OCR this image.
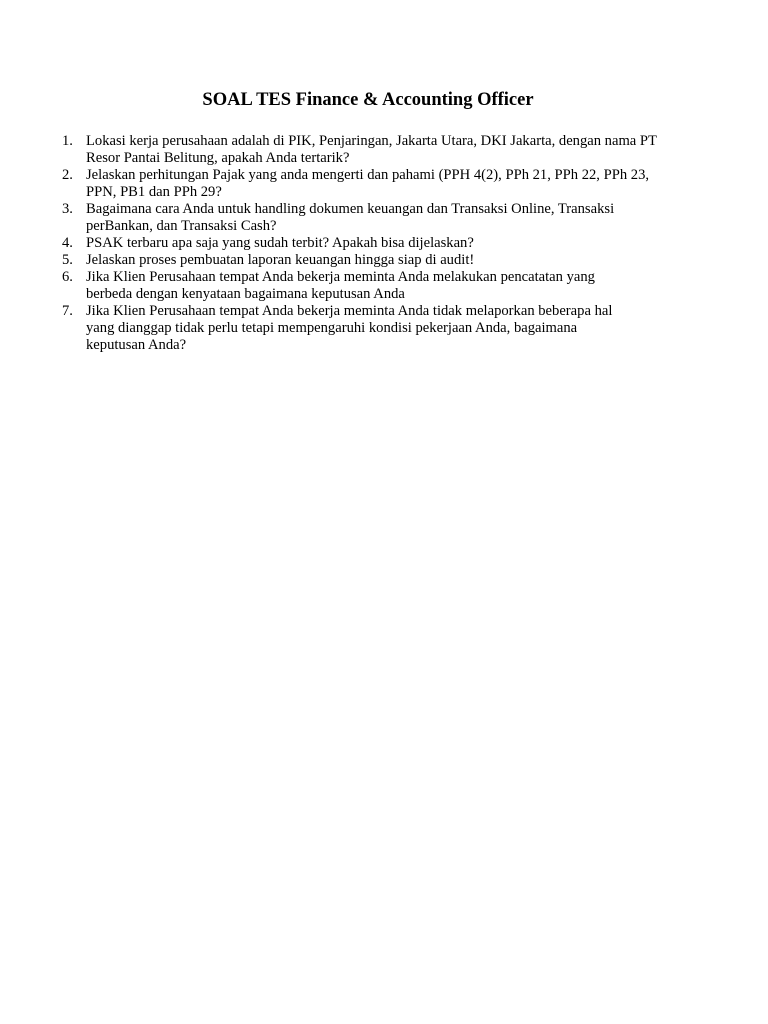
SOAL TES Finance & Accounting Officer
1. Lokasi kerja perusahaan adalah di PIK, Penjaringan, Jakarta Utara, DKI Jakarta, dengan nama PT
Resor Pantai Belitung, apakah Anda tertarik?
2. Jelaskan perhitungan Pajak yang anda mengerti dan pahami (PPH 4(2), PPh 21, PPh 22, PPh 23,
PPN, PB1 dan PPh 29?
3. Bagaimana cara Anda untuk handling dokumen keuangan dan Transaksi Online, Transaksi
perBankan, dan Transaksi Cash?
4. PSAK terbaru apa saja yang sudah terbit? Apakah bisa dijelaskan?
5. Jelaskan proses pembuatan laporan keuangan hingga siap di audit!
6. Jika Klien Perusahaan tempat Anda bekerja meminta Anda melakukan pencatatan yang
berbeda dengan kenyataan bagaimana keputusan Anda
7. Jika Klien Perusahaan tempat Anda bekerja meminta Anda tidak melaporkan beberapa hal
yang dianggap tidak perlu tetapi mempengaruhi kondisi pekerjaan Anda, bagaimana
keputusan Anda?
